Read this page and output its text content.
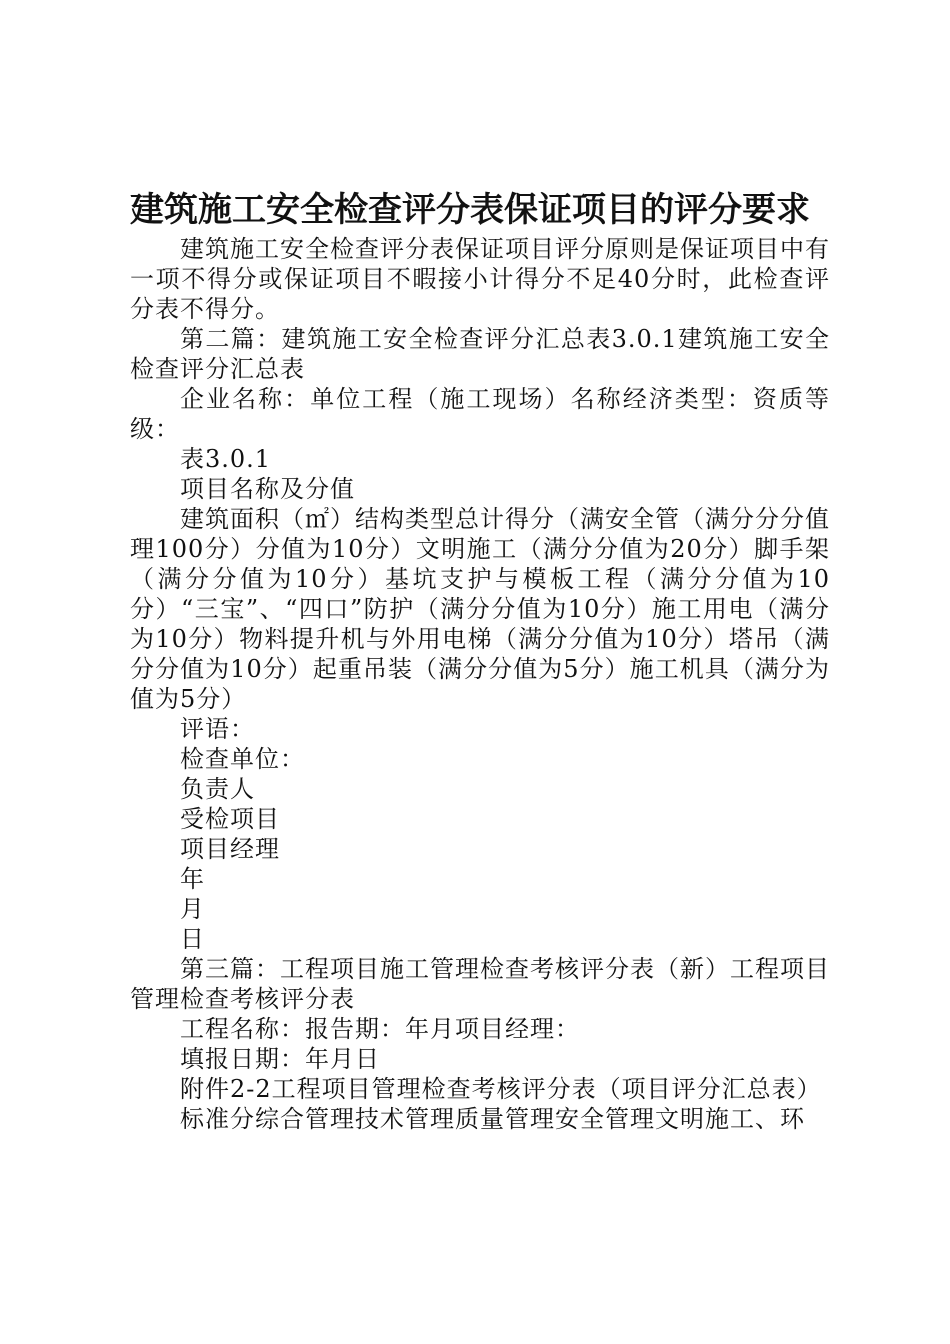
建筑施工安全检查评分表保证项目的评分要求

建筑施工安全检查评分表保证项目评分原则是保证项目中有一项不得分或保证项目不暇接小计得分不足40分时，此检查评分表不得分。

第二篇：建筑施工安全检查评分汇总表3.0.1建筑施工安全检查评分汇总表

企业名称：单位工程（施工现场）名称经济类型：资质等级：

表3.0.1

项目名称及分值

建筑面积（㎡）结构类型总计得分（满安全管（满分分分值理100分）分值为10分）文明施工（满分分值为20分）脚手架（满分分值为10分）基坑支护与模板工程（满分分值为10分）“三宝”、“四口”防护（满分分值为10分）施工用电（满分为10分）物料提升机与外用电梯（满分分值为10分）塔吊（满分分值为10分）起重吊装（满分分值为5分）施工机具（满分为值为5分）

评语：

检查单位：

负责人

受检项目

项目经理

年

月

日

第三篇：工程项目施工管理检查考核评分表（新）工程项目管理检查考核评分表

工程名称：报告期：年月项目经理：

填报日期：年月日

附件2-2工程项目管理检查考核评分表（项目评分汇总表）

标准分综合管理技术管理质量管理安全管理文明施工、环
